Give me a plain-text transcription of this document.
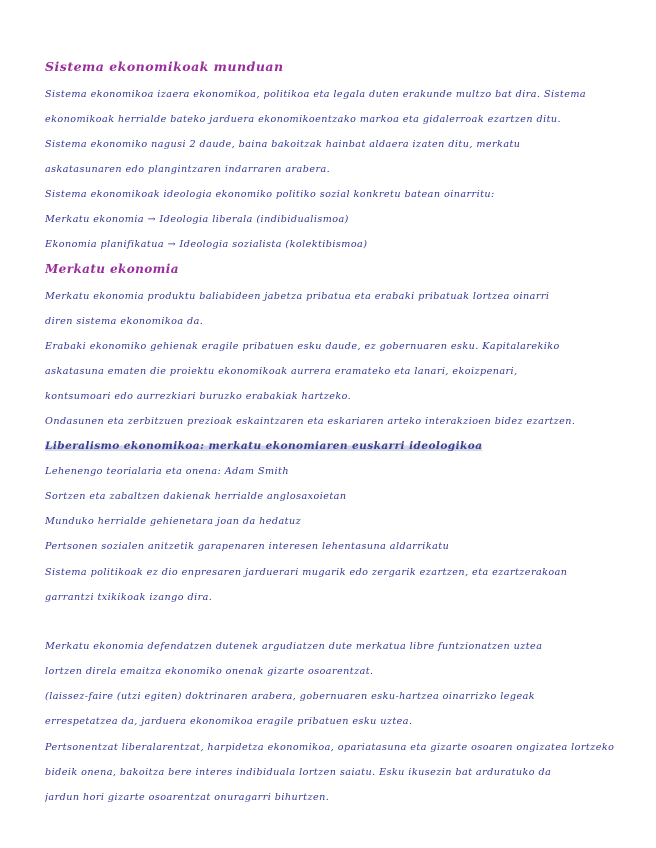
Sistema ekonomikoak munduan
Sistema ekonomikoa izaera ekonomikoa, politikoa eta legala duten erakunde multzo bat dira. Sistema
ekonomikoak herrialde bateko jarduera ekonomikoentzako markoa eta gidalerroak ezartzen ditu.
Sistema ekonomiko nagusi 2 daude, baina bakoitzak hainbat aldaera izaten ditu, merkatu
askatasunaren edo plangintzaren indarraren arabera.
Sistema ekonomikoak ideologia ekonomiko politiko sozial konkretu batean oinarritu:
Merkatu ekonomia → Ideologia liberala (indibidualismoa)
Ekonomia planifikatua → Ideologia sozialista (kolektibismoa)
Merkatu ekonomia
Merkatu ekonomia produktu baliabideen jabetza pribatua eta erabaki pribatuak lortzea oinarri
diren sistema ekonomikoa da.
Erabaki ekonomiko gehienak eragile pribatuen esku daude, ez gobernuaren esku. Kapitalarekiko
askatasuna ematen die proiektu ekonomikoak aurrera eramateko eta lanari, ekoizpenari,
kontsumoari edo aurrezkiari buruzko erabakiak hartzeko.
Ondasunen eta zerbitzuen prezioak eskaintzaren eta eskariaren arteko interakzioen bidez ezartzen.
Liberalismo ekonomikoa: merkatu ekonomiaren euskarri ideologikoa
Lehenengo teorialaria eta onena: Adam Smith
Sortzen eta zabaltzen dakienak herrialde anglosaxoietan
Munduko herrialde gehienetara joan da hedatuz
Pertsonen sozialen anitzetik garapenaren interesen lehentasuna aldarrikatu
Sistema politikoak ez dio enpresaren jarduerari mugarik edo zergarik ezartzen, eta ezartzerakoan
garrantzi txikikoak izango dira.
Merkatu ekonomia defendatzen dutenek argudiatzen dute merkatua libre funtzionatzen uztea
lortzen direla emaitza ekonomiko onenak gizarte osoarentzat.
(laissez-faire (utzi egiten) doktrinaren arabera, gobernuaren esku-hartzea oinarrizko legeak
errespetatzea da, jarduera ekonomikoa eragile pribatuen esku uztea.
Pertsonentzat liberalarentzat, harpidetza ekonomikoa, opariatasuna eta gizarte osoaren ongizatea lortzeko
bideik onena, bakoitza bere interes indibiduala lortzen saiatu. Esku ikusezin bat arduratuko da
jardun hori gizarte osoarentzat onuragarri bihurtzen.
